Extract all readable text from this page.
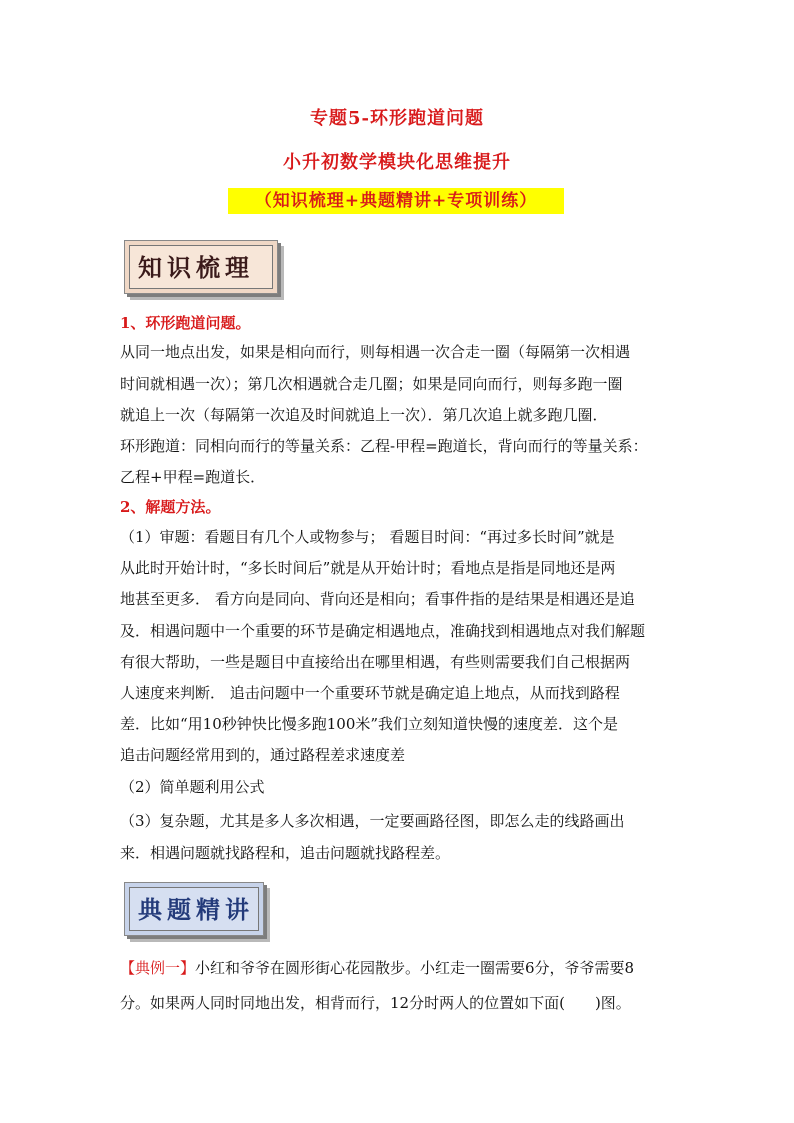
专题5-环形跑道问题
小升初数学模块化思维提升
（知识梳理+典题精讲+专项训练）
知识梳理
1、环形跑道问题。
从同一地点出发，如果是相向而行，则每相遇一次合走一圈（每隔第一次相遇
时间就相遇一次）；第几次相遇就合走几圈；如果是同向而行，则每多跑一圈
就追上一次（每隔第一次追及时间就追上一次）．第几次追上就多跑几圈．
环形跑道：同相向而行的等量关系：乙程-甲程=跑道长，背向而行的等量关系：
乙程+甲程=跑道长．
2、解题方法。
（1）审题：看题目有几个人或物参与； 看题目时间：“再过多长时间”就是
从此时开始计时，“多长时间后”就是从开始计时；看地点是指是同地还是两
地甚至更多． 看方向是同向、背向还是相向；看事件指的是结果是相遇还是追
及．相遇问题中一个重要的环节是确定相遇地点，准确找到相遇地点对我们解题
有很大帮助，一些是题目中直接给出在哪里相遇，有些则需要我们自己根据两
人速度来判断． 追击问题中一个重要环节就是确定追上地点，从而找到路程
差．比如“用10秒钟快比慢多跑100米”我们立刻知道快慢的速度差．这个是
追击问题经常用到的，通过路程差求速度差
（2）简单题利用公式
（3）复杂题，尤其是多人多次相遇，一定要画路径图，即怎么走的线路画出
来．相遇问题就找路程和，追击问题就找路程差。
典题精讲
【典例一】小红和爷爷在圆形街心花园散步。小红走一圈需要6分，爷爷需要8
分。如果两人同时同地出发，相背而行，12分时两人的位置如下面(　　)图。
